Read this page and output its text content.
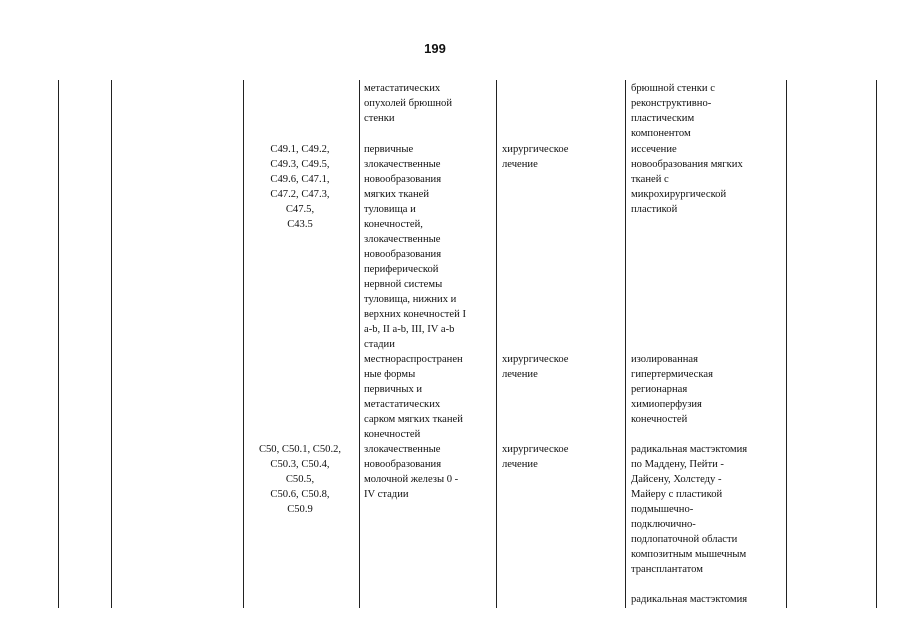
199
метастатических
опухолей брюшной
стенки
брюшной стенки с
реконструктивно-
пластическим
компонентом
C49.1, C49.2,
C49.3, C49.5,
C49.6, C47.1,
C47.2, C47.3,
C47.5,
C43.5
первичные
злокачественные
новообразования
мягких тканей
туловища и
конечностей,
злокачественные
новообразования
периферической
нервной системы
туловища, нижних и
верхних конечностей I
a-b, II a-b, III, IV a-b
стадии
хирургическое
лечение
иссечение
новообразования мягких
тканей с
микрохирургической
пластикой
местнораспространен
ные формы
первичных и
метастатических
сарком мягких тканей
конечностей
хирургическое
лечение
изолированная
гипертермическая
регионарная
химиоперфузия
конечностей
C50, C50.1, C50.2,
C50.3, C50.4,
C50.5,
C50.6, C50.8,
C50.9
злокачественные
новообразования
молочной железы 0 -
IV стадии
хирургическое
лечение
радикальная мастэктомия
по Маддену, Пейти -
Дайсену, Холстеду -
Майеру с пластикой
подмышечно-
подключично-
подлопаточной области
композитным мышечным
трансплантатом
радикальная мастэктомия
